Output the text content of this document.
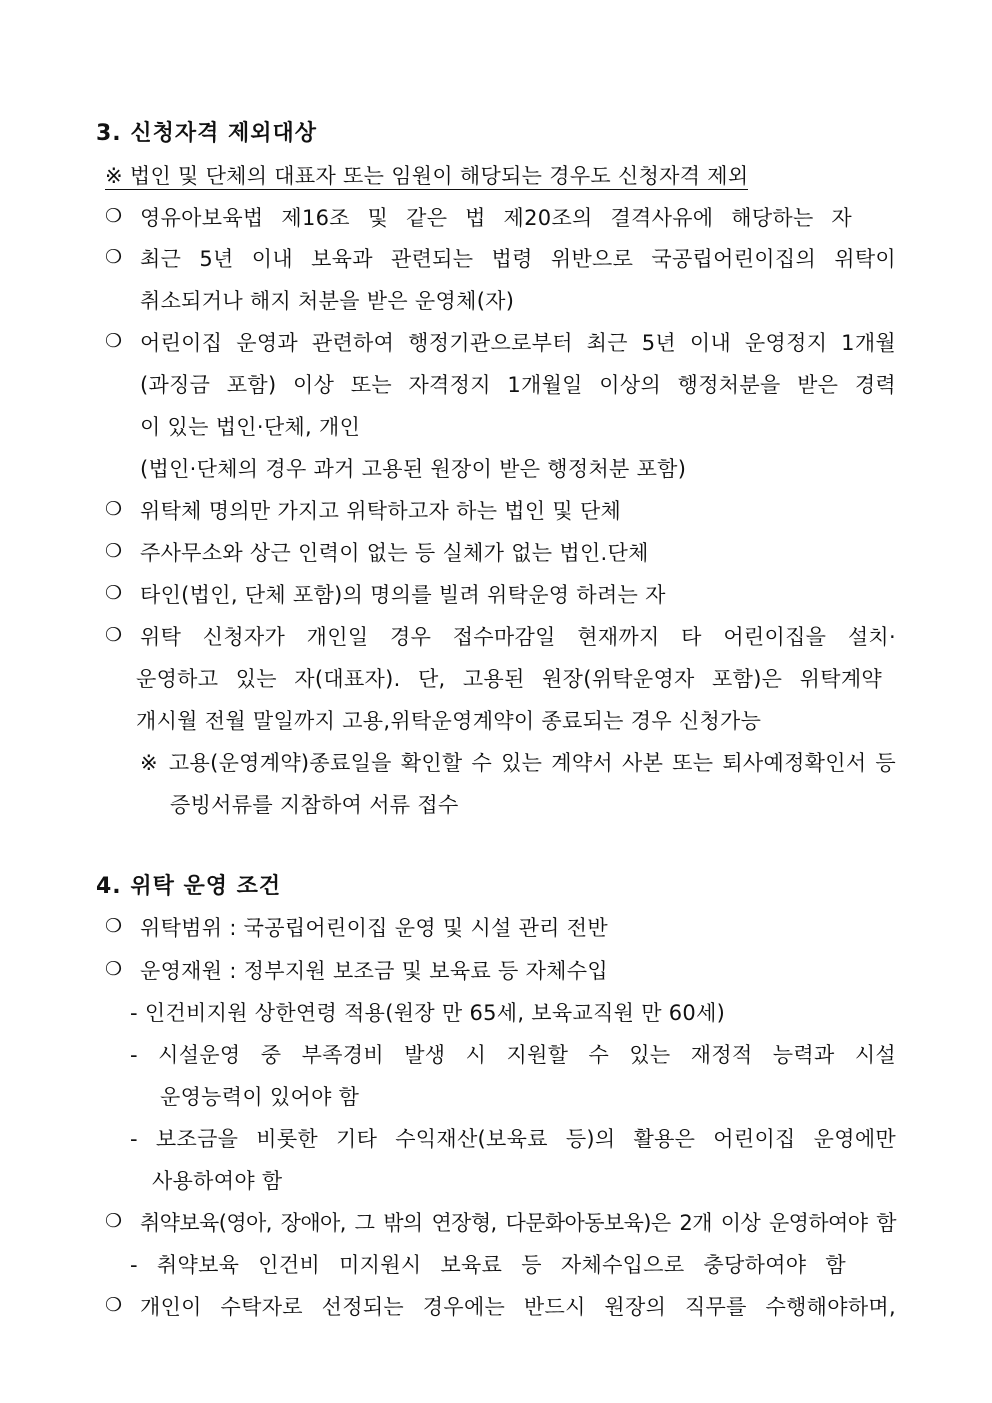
3. 신청자격 제외대상
※ 법인 및 단체의 대표자 또는 임원이 해당되는 경우도 신청자격 제외
❍ 영유아보육법 제16조 및 같은 법 제20조의 결격사유에 해당하는 자
❍ 최근 5년 이내 보육과 관련되는 법령 위반으로 국공립어린이집의 위탁이
취소되거나 해지 처분을 받은 운영체(자)
❍ 어린이집 운영과 관련하여 행정기관으로부터 최근 5년 이내 운영정지 1개월
(과징금 포함) 이상 또는 자격정지 1개월일 이상의 행정처분을 받은 경력
이 있는 법인·단체, 개인
(법인·단체의 경우 과거 고용된 원장이 받은 행정처분 포함)
❍ 위탁체 명의만 가지고 위탁하고자 하는 법인 및 단체
❍ 주사무소와 상근 인력이 없는 등 실체가 없는 법인.단체
❍ 타인(법인, 단체 포함)의 명의를 빌려 위탁운영 하려는 자
❍ 위탁 신청자가 개인일 경우 접수마감일 현재까지 타 어린이집을 설치·
운영하고 있는 자(대표자). 단, 고용된 원장(위탁운영자 포함)은 위탁계약
개시월 전월 말일까지 고용,위탁운영계약이 종료되는 경우 신청가능
※ 고용(운영계약)종료일을 확인할 수 있는 계약서 사본 또는 퇴사예정확인서 등
증빙서류를 지참하여 서류 접수
4. 위탁 운영 조건
❍ 위탁범위 : 국공립어린이집 운영 및 시설 관리 전반
❍ 운영재원 : 정부지원 보조금 및 보육료 등 자체수입
- 인건비지원 상한연령 적용(원장 만 65세, 보육교직원 만 60세)
- 시설운영 중 부족경비 발생 시 지원할 수 있는 재정적 능력과 시설
운영능력이 있어야 함
- 보조금을 비롯한 기타 수익재산(보육료 등)의 활용은 어린이집 운영에만
사용하여야 함
❍ 취약보육(영아, 장애아, 그 밖의 연장형, 다문화아동보육)은 2개 이상 운영하여야 함
- 취약보육 인건비 미지원시 보육료 등 자체수입으로 충당하여야 함
❍ 개인이 수탁자로 선정되는 경우에는 반드시 원장의 직무를 수행해야하며,
